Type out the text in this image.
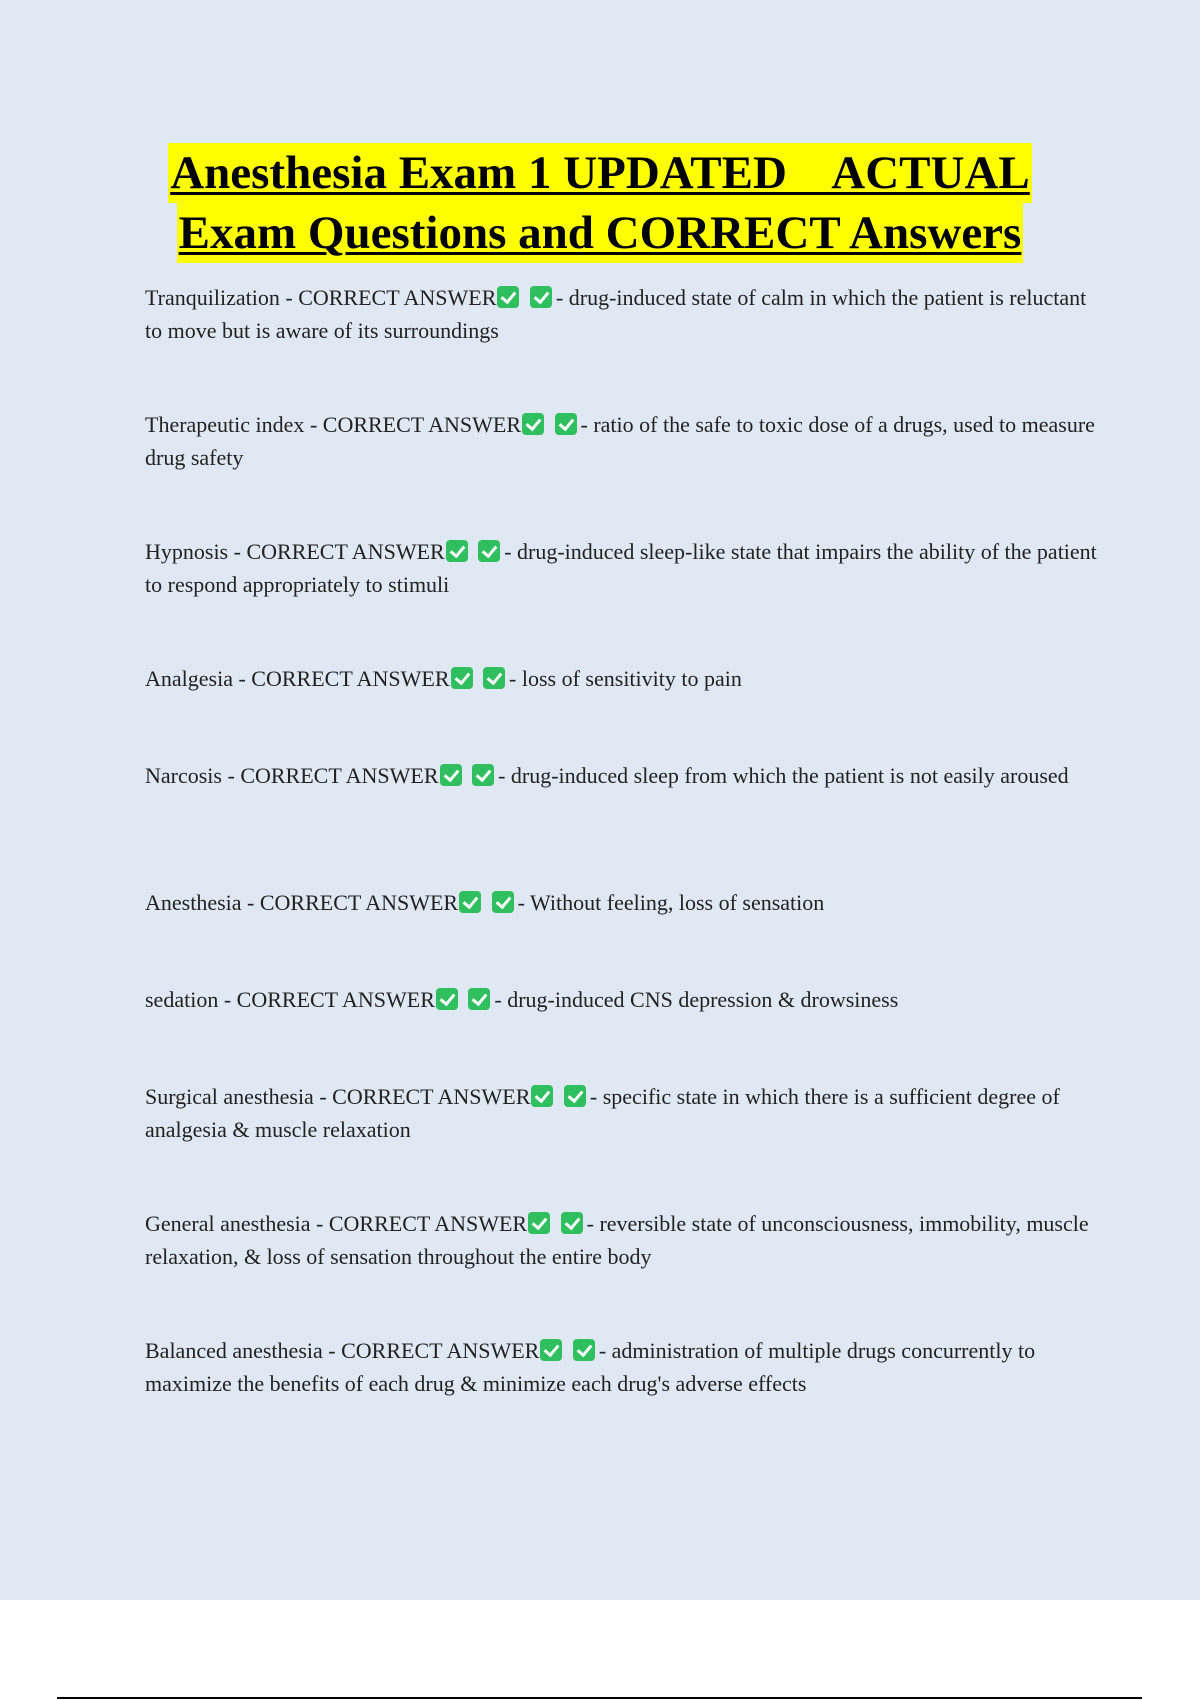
Anesthesia Exam 1 UPDATED    ACTUAL
Exam Questions and CORRECT Answers
Tranquilization - CORRECT ANSWER	- drug-induced state of calm in which the patient is reluctant to move but is aware of its surroundings
Therapeutic index - CORRECT ANSWER	- ratio of the safe to toxic dose of a drugs, used to measure drug safety
Hypnosis - CORRECT ANSWER	- drug-induced sleep-like state that impairs the ability of the patient to respond appropriately to stimuli
Analgesia - CORRECT ANSWER	- loss of sensitivity to pain
Narcosis - CORRECT ANSWER	- drug-induced sleep from which the patient is not easily aroused
Anesthesia - CORRECT ANSWER	- Without feeling, loss of sensation
sedation - CORRECT ANSWER	- drug-induced CNS depression & drowsiness
Surgical anesthesia - CORRECT ANSWER	- specific state in which there is a sufficient degree of analgesia & muscle relaxation
General anesthesia - CORRECT ANSWER	- reversible state of unconsciousness, immobility, muscle relaxation, & loss of sensation throughout the entire body
Balanced anesthesia - CORRECT ANSWER	- administration of multiple drugs concurrently to maximize the benefits of each drug & minimize each drug's adverse effects
